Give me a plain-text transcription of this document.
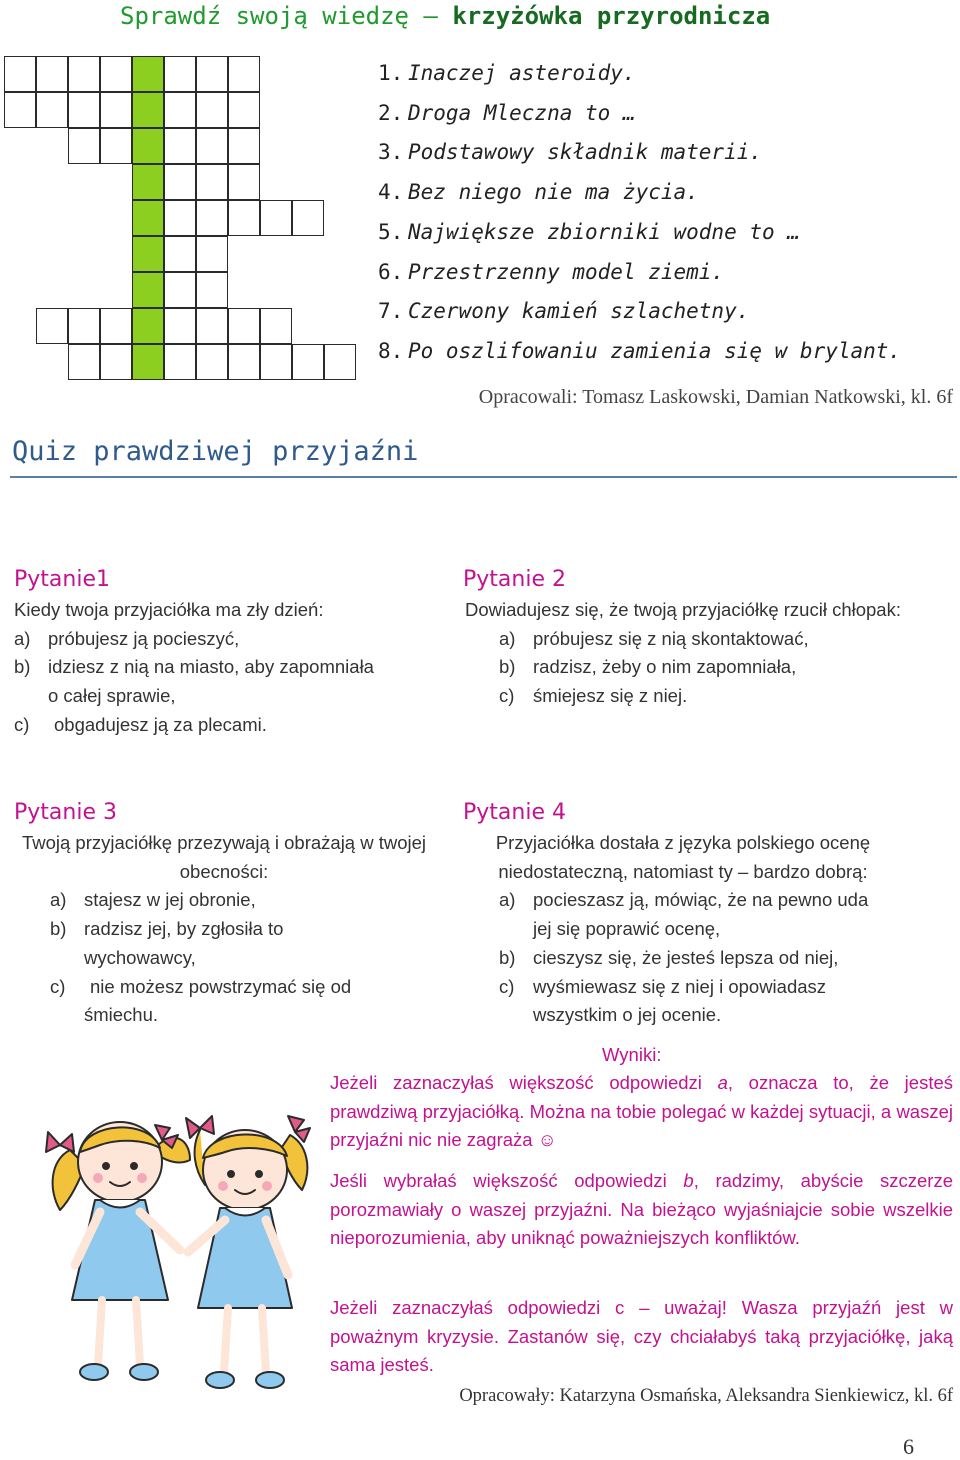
Sprawdź swoją wiedzę – krzyżówka przyrodnicza
1. Inaczej asteroidy.
2. Droga Mleczna to …
3. Podstawowy składnik materii.
4. Bez niego nie ma życia.
5. Największe zbiorniki wodne to …
6. Przestrzenny model ziemi.
7. Czerwony kamień szlachetny.
8. Po oszlifowaniu zamienia się w brylant.
Opracowali: Tomasz Laskowski, Damian Natkowski, kl. 6f
Quiz prawdziwej przyjaźni
Pytanie1
Kiedy twoja przyjaciółka ma zły dzień:
a) próbujesz ją pocieszyć,
b) idziesz z nią na miasto, aby zapomniała o całej sprawie,
c) obgadujesz ją za plecami.
Pytanie 2
Dowiadujesz się, że twoją przyjaciółkę rzucił chłopak:
a) próbujesz się z nią skontaktować,
b) radzisz, żeby o nim zapomniała,
c) śmiejesz się z niej.
Pytanie 3
Twoją przyjaciółkę przezywają i obrażają w twojej obecności:
a) stajesz w jej obronie,
b) radzisz jej, by zgłosiła to wychowawcy,
c) nie możesz powstrzymać się od śmiechu.
Pytanie 4
Przyjaciółka dostała z języka polskiego ocenę niedostateczną, natomiast ty – bardzo dobrą:
a) pocieszasz ją, mówiąc, że na pewno uda jej się poprawić ocenę,
b) cieszysz się, że jesteś lepsza od niej,
c) wyśmiewasz się z niej i opowiadasz wszystkim o jej ocenie.
Wyniki:
Jeżeli zaznaczyłaś większość odpowiedzi a, oznacza to, że jesteś prawdziwą przyjaciółką. Można na tobie polegać w każdej sytuacji, a waszej przyjaźni nic nie zagraża ☺
Jeśli wybrałaś większość odpowiedzi b, radzimy, abyście szczerze porozmawiały o waszej przyjaźni. Na bieżąco wyjaśniajcie sobie wszelkie nieporozumienia, aby uniknąć poważniejszych konfliktów.
Jeżeli zaznaczyłaś odpowiedzi c – uważaj! Wasza przyjaźń jest w poważnym kryzysie. Zastanów się, czy chciałabyś taką przyjaciółkę, jaką sama jesteś.
Opracowały: Katarzyna Osmańska, Aleksandra Sienkiewicz, kl. 6f
6
